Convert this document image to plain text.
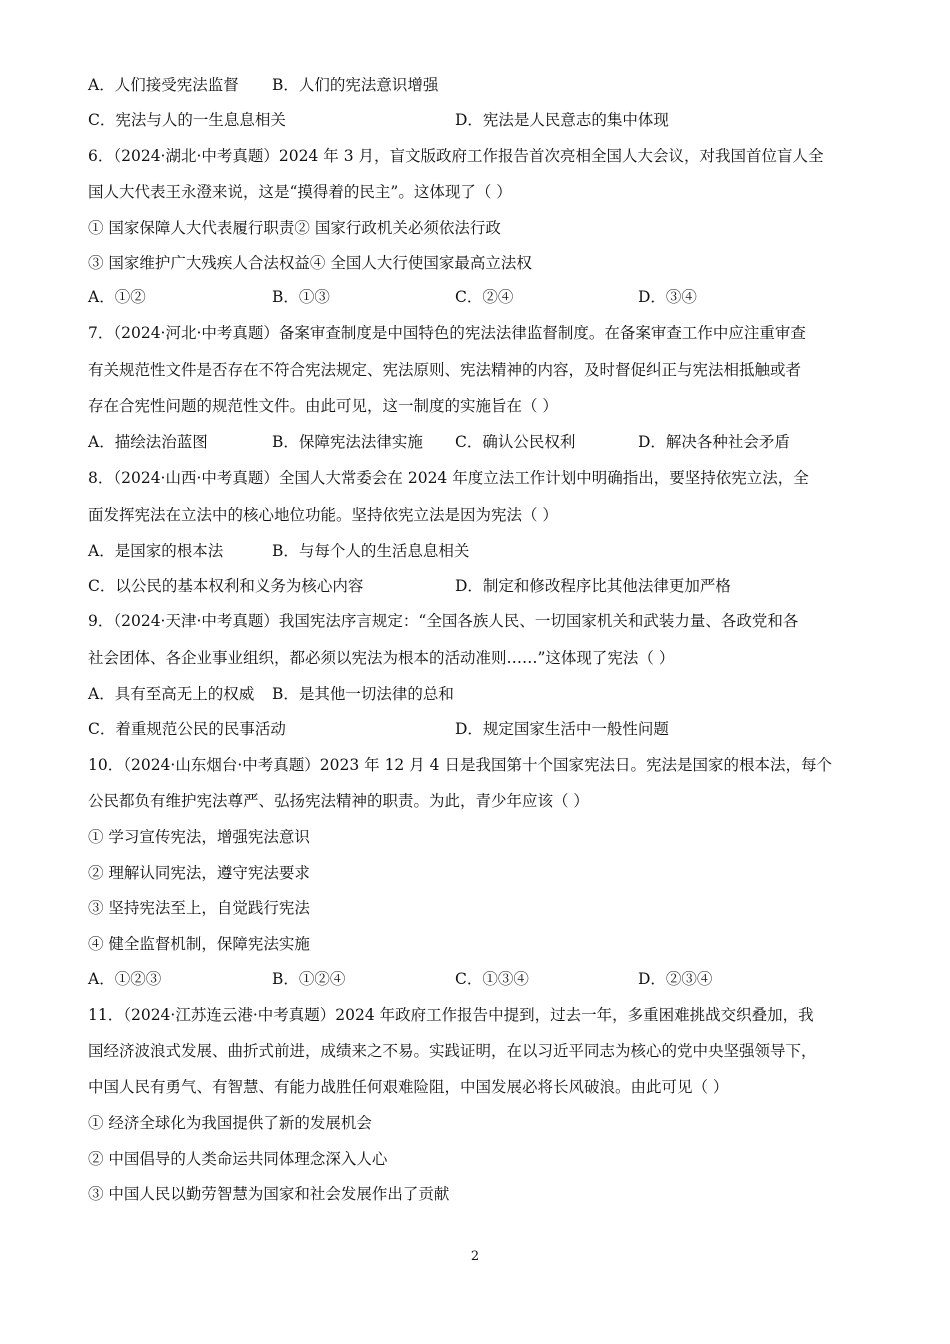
A．人们接受宪法监督 B．人们的宪法意识增强
C．宪法与人的一生息息相关	D．宪法是人民意志的集中体现
6．（2024·湖北·中考真题）2024 年 3 月，盲文版政府工作报告首次亮相全国人大会议，对我国首位盲人全
国人大代表王永澄来说，这是“摸得着的民主”。这体现了（ ）
① 国家保障人大代表履行职责② 国家行政机关必须依法行政
③ 国家维护广大残疾人合法权益④ 全国人大行使国家最高立法权
A．①②	B．①③	C．②④	D．③④
7．（2024·河北·中考真题）备案审查制度是中国特色的宪法法律监督制度。在备案审查工作中应注重审查
有关规范性文件是否存在不符合宪法规定、宪法原则、宪法精神的内容，及时督促纠正与宪法相抵触或者
存在合宪性问题的规范性文件。由此可见，这一制度的实施旨在（ ）
A．描绘法治蓝图	B．保障宪法法律实施 C．确认公民权利	D．解决各种社会矛盾
8．（2024·山西·中考真题）全国人大常委会在 2024 年度立法工作计划中明确指出，要坚持依宪立法，全
面发挥宪法在立法中的核心地位功能。坚持依宪立法是因为宪法（ ）
A．是国家的根本法	B．与每个人的生活息息相关
C．以公民的基本权利和义务为核心内容	D．制定和修改程序比其他法律更加严格
9．（2024·天津·中考真题）我国宪法序言规定：“全国各族人民、一切国家机关和武装力量、各政党和各
社会团体、各企业事业组织，都必须以宪法为根本的活动准则……”这体现了宪法（ ）
A．具有至高无上的权威 B．是其他一切法律的总和
C．着重规范公民的民事活动	D．规定国家生活中一般性问题
10．（2024·山东烟台·中考真题）2023 年 12 月 4 日是我国第十个国家宪法日。宪法是国家的根本法，每个
公民都负有维护宪法尊严、弘扬宪法精神的职责。为此，青少年应该（ ）
① 学习宣传宪法，增强宪法意识
② 理解认同宪法，遵守宪法要求
③ 坚持宪法至上，自觉践行宪法
④ 健全监督机制，保障宪法实施
A．①②③	B．①②④	C．①③④	D．②③④
11．（2024·江苏连云港·中考真题）2024 年政府工作报告中提到，过去一年，多重困难挑战交织叠加，我
国经济波浪式发展、曲折式前进，成绩来之不易。实践证明，在以习近平同志为核心的党中央坚强领导下，
中国人民有勇气、有智慧、有能力战胜任何艰难险阻，中国发展必将长风破浪。由此可见（ ）
① 经济全球化为我国提供了新的发展机会
② 中国倡导的人类命运共同体理念深入人心
③ 中国人民以勤劳智慧为国家和社会发展作出了贡献
2
